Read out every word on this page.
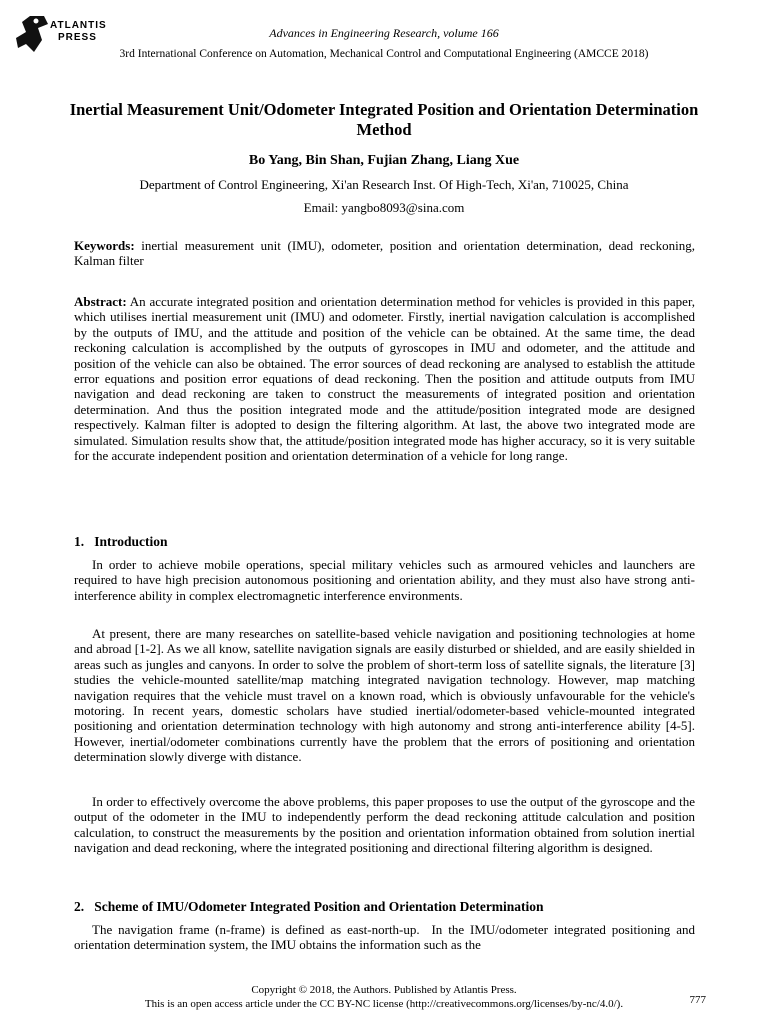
ATLANTIS
PRESS	Advances in Engineering Research, volume 166
3rd International Conference on Automation, Mechanical Control and Computational Engineering (AMCCE 2018)
Inertial Measurement Unit/Odometer Integrated Position and Orientation Determination Method
Bo Yang, Bin Shan, Fujian Zhang, Liang Xue
Department of Control Engineering, Xi'an Research Inst. Of High-Tech, Xi'an, 710025, China
Email: yangbo8093@sina.com
Keywords: inertial measurement unit (IMU), odometer, position and orientation determination, dead reckoning, Kalman filter
Abstract: An accurate integrated position and orientation determination method for vehicles is provided in this paper, which utilises inertial measurement unit (IMU) and odometer. Firstly, inertial navigation calculation is accomplished by the outputs of IMU, and the attitude and position of the vehicle can be obtained. At the same time, the dead reckoning calculation is accomplished by the outputs of gyroscopes in IMU and odometer, and the attitude and position of the vehicle can also be obtained. The error sources of dead reckoning are analysed to establish the attitude error equations and position error equations of dead reckoning. Then the position and attitude outputs from IMU navigation and dead reckoning are taken to construct the measurements of integrated position and orientation determination. And thus the position integrated mode and the attitude/position integrated mode are designed respectively. Kalman filter is adopted to design the filtering algorithm. At last, the above two integrated mode are simulated. Simulation results show that, the attitude/position integrated mode has higher accuracy, so it is very suitable for the accurate independent position and orientation determination of a vehicle for long range.
1.   Introduction
In order to achieve mobile operations, special military vehicles such as armoured vehicles and launchers are required to have high precision autonomous positioning and orientation ability, and they must also have strong anti-interference ability in complex electromagnetic interference environments.
At present, there are many researches on satellite-based vehicle navigation and positioning technologies at home and abroad [1-2]. As we all know, satellite navigation signals are easily disturbed or shielded, and are easily shielded in areas such as jungles and canyons. In order to solve the problem of short-term loss of satellite signals, the literature [3] studies the vehicle-mounted satellite/map matching integrated navigation technology. However, map matching navigation requires that the vehicle must travel on a known road, which is obviously unfavourable for the vehicle's motoring. In recent years, domestic scholars have studied inertial/odometer-based vehicle-mounted integrated positioning and orientation determination technology with high autonomy and strong anti-interference ability [4-5]. However, inertial/odometer combinations currently have the problem that the errors of positioning and orientation determination slowly diverge with distance.
In order to effectively overcome the above problems, this paper proposes to use the output of the gyroscope and the output of the odometer in the IMU to independently perform the dead reckoning attitude calculation and position calculation, to construct the measurements by the position and orientation information obtained from solution inertial navigation and dead reckoning, where the integrated positioning and directional filtering algorithm is designed.
2.   Scheme of IMU/Odometer Integrated Position and Orientation Determination
The navigation frame (n-frame) is defined as east-north-up.  In the IMU/odometer integrated positioning and orientation determination system, the IMU obtains the information such as the
Copyright © 2018, the Authors. Published by Atlantis Press.
This is an open access article under the CC BY-NC license (http://creativecommons.org/licenses/by-nc/4.0/).	777
